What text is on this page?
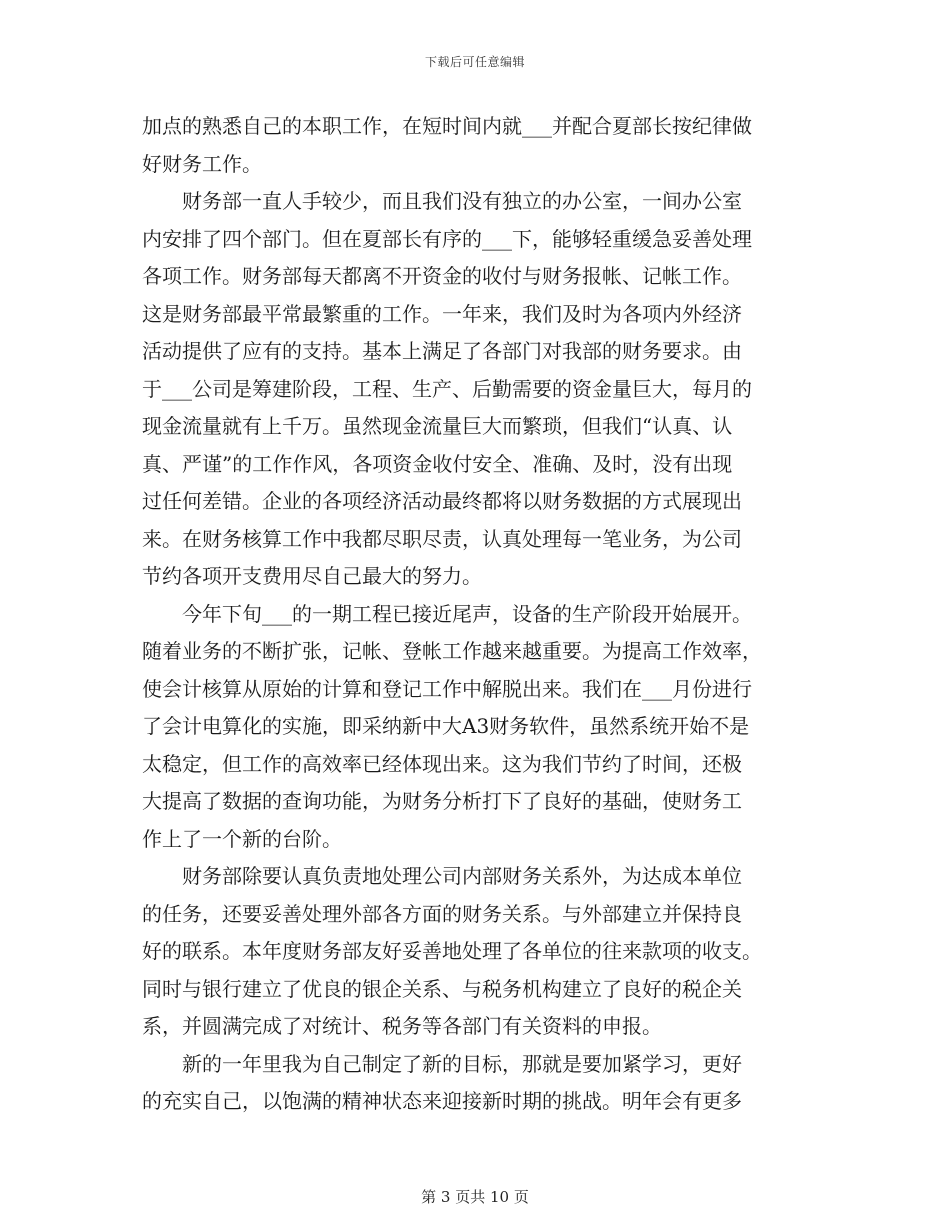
下载后可任意编辑
加点的熟悉自己的本职工作，在短时间内就___并配合夏部长按纪律做
好财务工作。
　　财务部一直人手较少，而且我们没有独立的办公室，一间办公室
内安排了四个部门。但在夏部长有序的___下，能够轻重缓急妥善处理
各项工作。财务部每天都离不开资金的收付与财务报帐、记帐工作。
这是财务部最平常最繁重的工作。一年来，我们及时为各项内外经济
活动提供了应有的支持。基本上满足了各部门对我部的财务要求。由
于___公司是筹建阶段，工程、生产、后勤需要的资金量巨大，每月的
现金流量就有上千万。虽然现金流量巨大而繁琐，但我们“认真、认
真、严谨”的工作作风，各项资金收付安全、准确、及时，没有出现
过任何差错。企业的各项经济活动最终都将以财务数据的方式展现出
来。在财务核算工作中我都尽职尽责，认真处理每一笔业务，为公司
节约各项开支费用尽自己最大的努力。
　　今年下旬___的一期工程已接近尾声，设备的生产阶段开始展开。
随着业务的不断扩张，记帐、登帐工作越来越重要。为提高工作效率，
使会计核算从原始的计算和登记工作中解脱出来。我们在___月份进行
了会计电算化的实施，即采纳新中大A3财务软件，虽然系统开始不是
太稳定，但工作的高效率已经体现出来。这为我们节约了时间，还极
大提高了数据的查询功能，为财务分析打下了良好的基础，使财务工
作上了一个新的台阶。
　　财务部除要认真负责地处理公司内部财务关系外，为达成本单位
的任务，还要妥善处理外部各方面的财务关系。与外部建立并保持良
好的联系。本年度财务部友好妥善地处理了各单位的往来款项的收支。
同时与银行建立了优良的银企关系、与税务机构建立了良好的税企关
系，并圆满完成了对统计、税务等各部门有关资料的申报。
　　新的一年里我为自己制定了新的目标，那就是要加紧学习，更好
的充实自己，以饱满的精神状态来迎接新时期的挑战。明年会有更多
第 3 页共 10 页
